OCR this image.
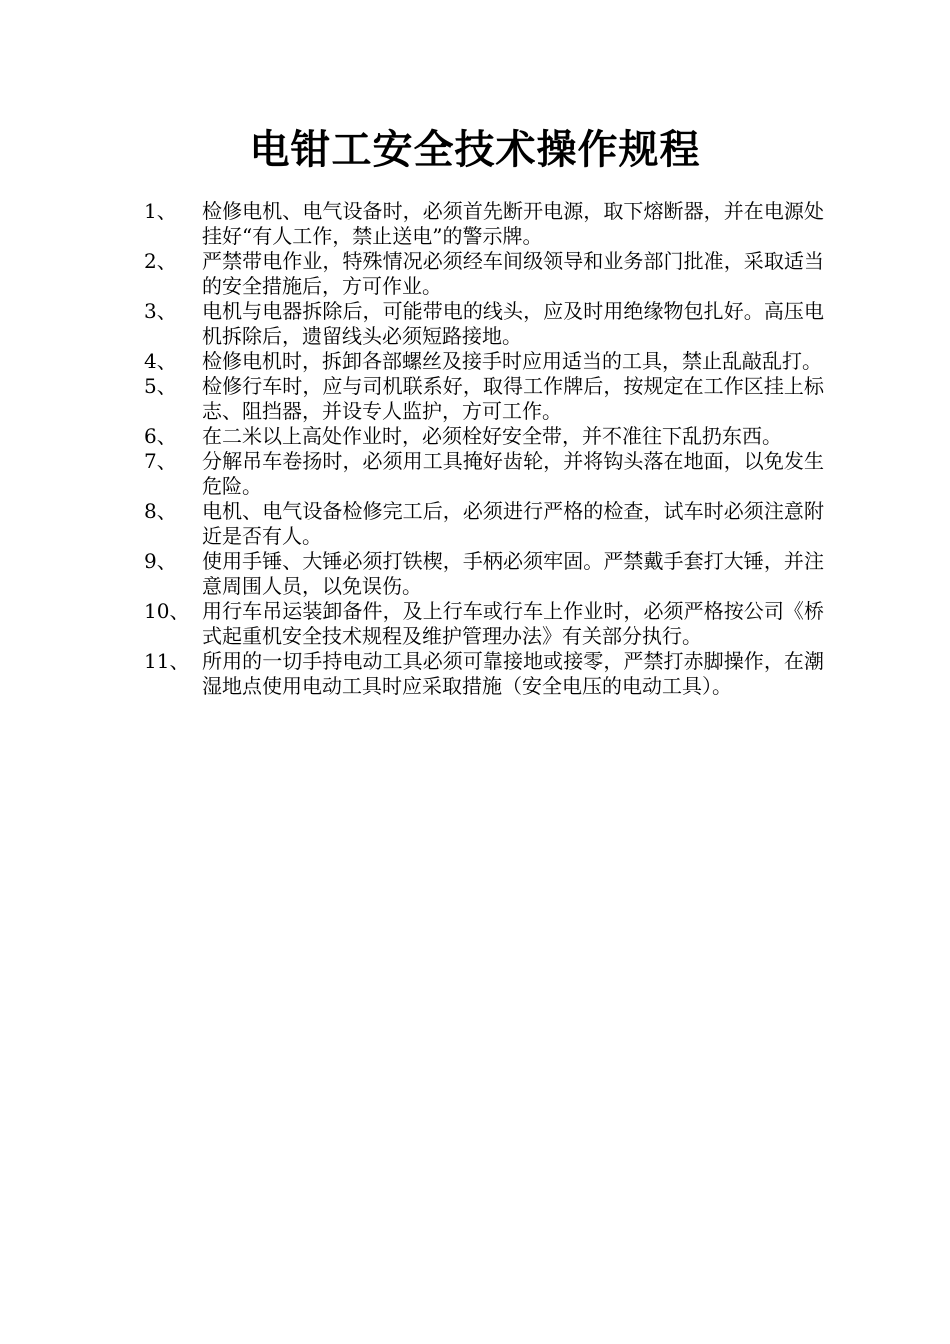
电钳工安全技术操作规程
1、	检修电机、电气设备时，必须首先断开电源，取下熔断器，并在电源处挂好“有人工作，禁止送电”的警示牌。
2、	严禁带电作业，特殊情况必须经车间级领导和业务部门批准，采取适当的安全措施后，方可作业。
3、	电机与电器拆除后，可能带电的线头，应及时用绝缘物包扎好。高压电机拆除后，遗留线头必须短路接地。
4、	检修电机时，拆卸各部螺丝及接手时应用适当的工具，禁止乱敲乱打。
5、	检修行车时，应与司机联系好，取得工作牌后，按规定在工作区挂上标志、阻挡器，并设专人监护，方可工作。
6、	在二米以上高处作业时，必须栓好安全带，并不准往下乱扔东西。
7、	分解吊车卷扬时，必须用工具掩好齿轮，并将钩头落在地面，以免发生危险。
8、	电机、电气设备检修完工后，必须进行严格的检查，试车时必须注意附近是否有人。
9、	使用手锤、大锤必须打铁楔，手柄必须牢固。严禁戴手套打大锤，并注意周围人员，以免误伤。
10、 用行车吊运装卸备件，及上行车或行车上作业时，必须严格按公司《桥式起重机安全技术规程及维护管理办法》有关部分执行。
11、 所用的一切手持电动工具必须可靠接地或接零，严禁打赤脚操作，在潮湿地点使用电动工具时应采取措施（安全电压的电动工具）。
